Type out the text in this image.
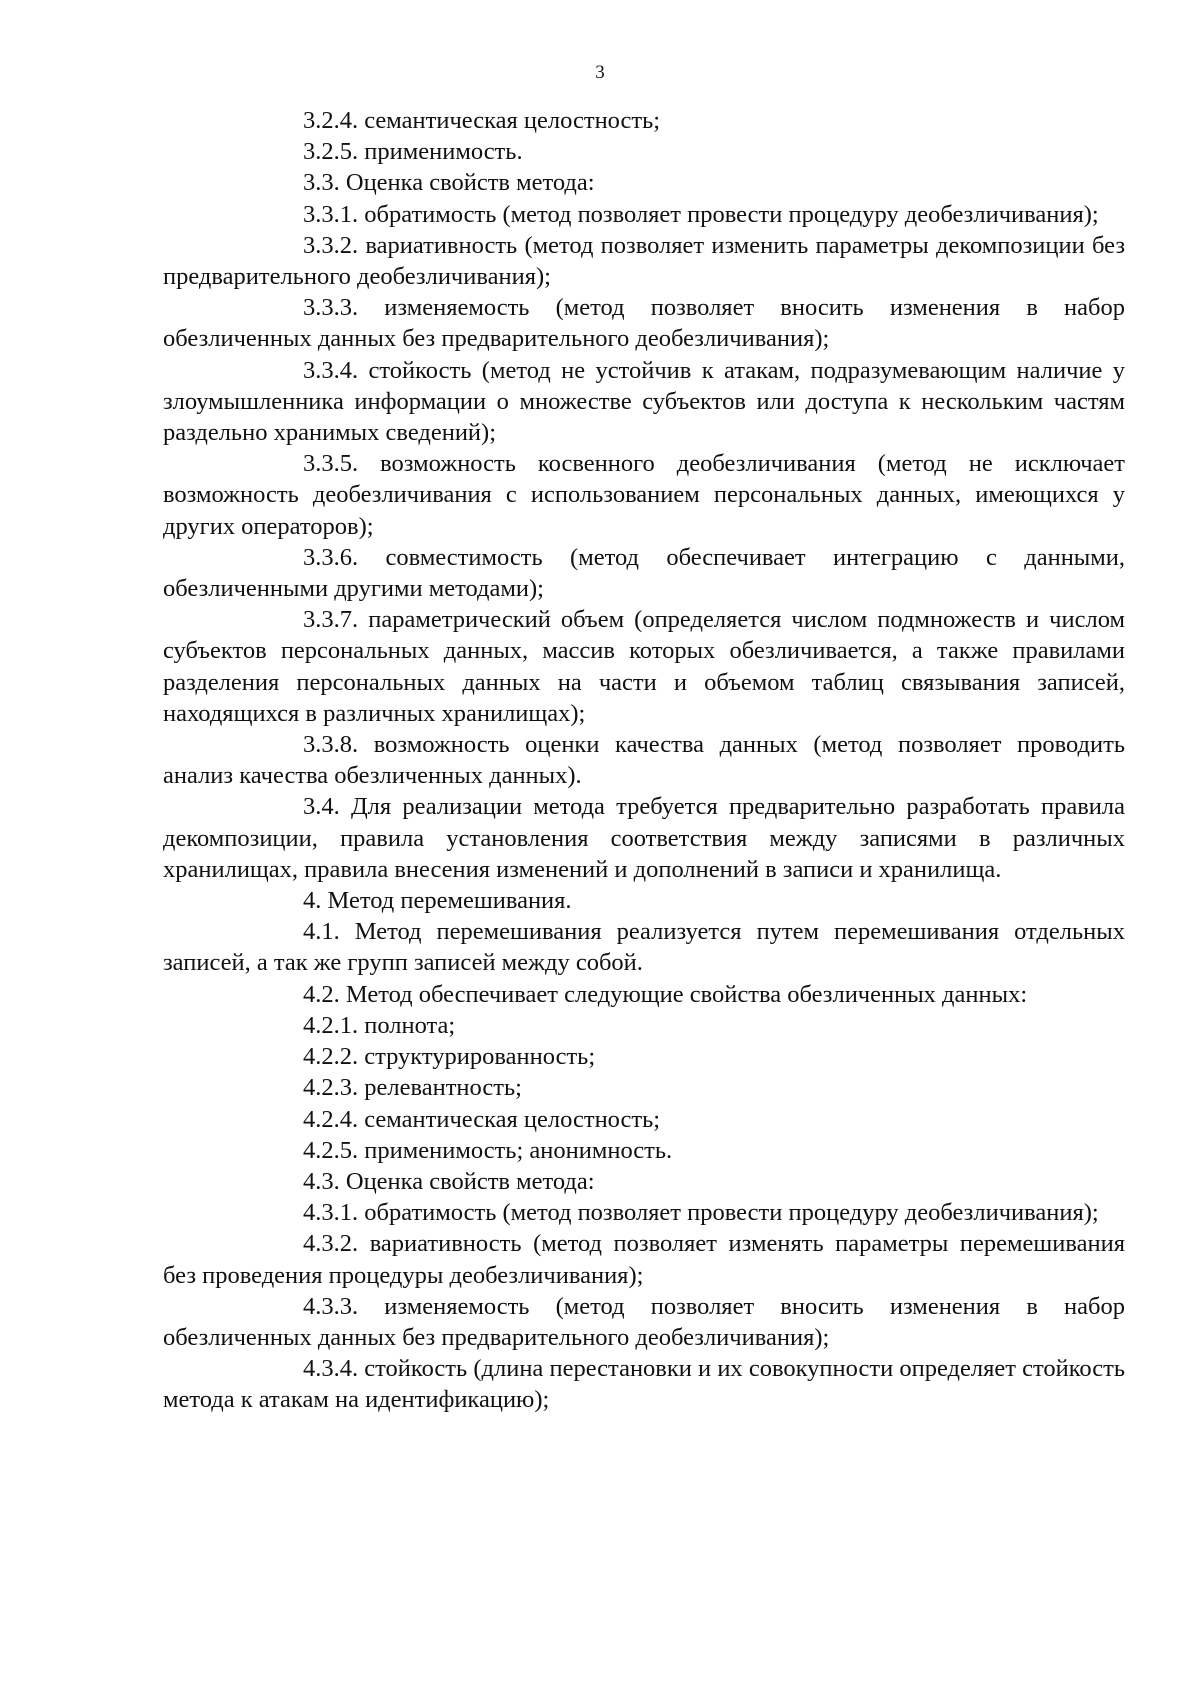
3

3.2.4. семантическая целостность;

3.2.5. применимость.

3.3. Оценка свойств метода:

3.3.1. обратимость (метод позволяет провести процедуру деобезличивания);

3.3.2. вариативность (метод позволяет изменить параметры декомпозиции без предварительного деобезличивания);

3.3.3. изменяемость (метод позволяет вносить изменения в набор обезличенных данных без предварительного деобезличивания);

3.3.4. стойкость (метод не устойчив к атакам, подразумевающим наличие у злоумышленника информации о множестве субъектов или доступа к нескольким частям раздельно хранимых сведений);

3.3.5. возможность косвенного деобезличивания (метод не исключает возможность деобезличивания с использованием персональных данных, имеющихся у других операторов);

3.3.6. совместимость (метод обеспечивает интеграцию с данными, обезличенными другими методами);

3.3.7. параметрический объем (определяется числом подмножеств и числом субъектов персональных данных, массив которых обезличивается, а также правилами разделения персональных данных на части и объемом таблиц связывания записей, находящихся в различных хранилищах);

3.3.8. возможность оценки качества данных (метод позволяет проводить анализ качества обезличенных данных).

3.4. Для реализации метода требуется предварительно разработать правила декомпозиции, правила установления соответствия между записями в различных хранилищах, правила внесения изменений и дополнений в записи и хранилища.

4. Метод перемешивания.

4.1. Метод перемешивания реализуется путем перемешивания отдельных записей, а так же групп записей между собой.

4.2. Метод обеспечивает следующие свойства обезличенных данных:

4.2.1. полнота;

4.2.2. структурированность;

4.2.3. релевантность;

4.2.4. семантическая целостность;

4.2.5. применимость; анонимность.

4.3. Оценка свойств метода:

4.3.1. обратимость (метод позволяет провести процедуру деобезличивания);

4.3.2. вариативность (метод позволяет изменять параметры перемешивания без проведения процедуры деобезличивания);

4.3.3. изменяемость (метод позволяет вносить изменения в набор обезличенных данных без предварительного деобезличивания);

4.3.4. стойкость (длина перестановки и их совокупности определяет стойкость метода к атакам на идентификацию);
